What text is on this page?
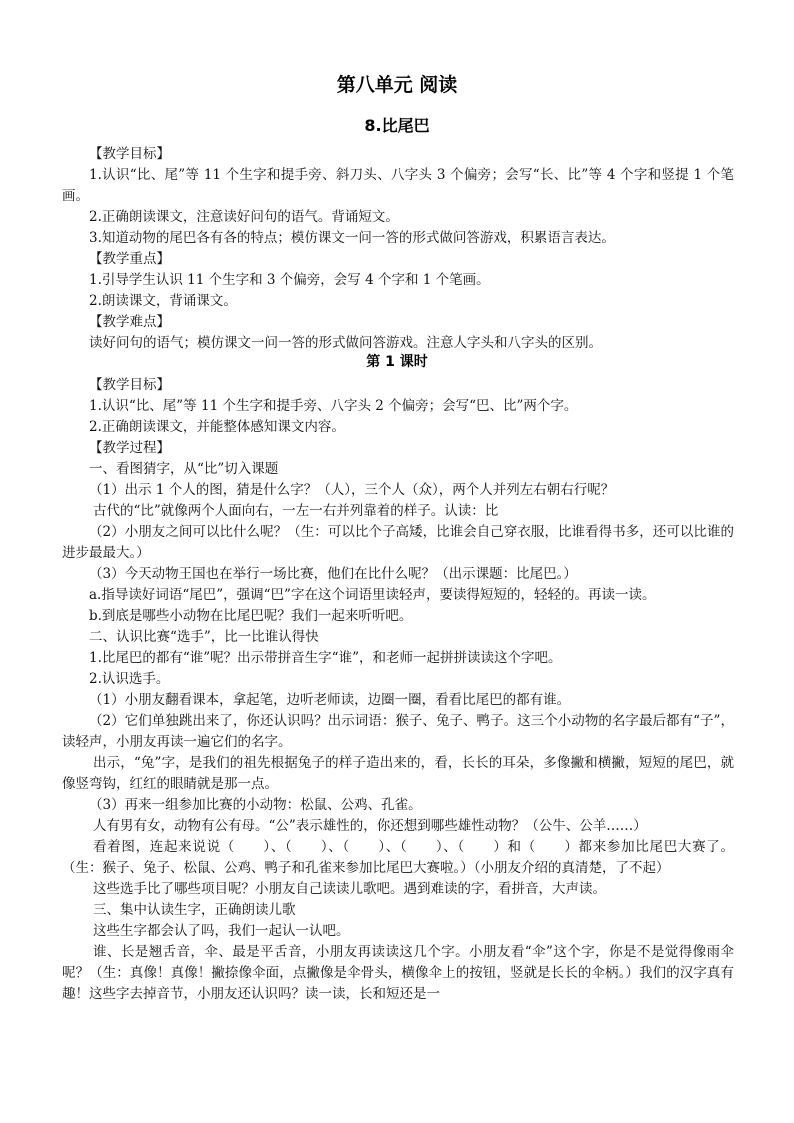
第八单元 阅读
8.比尾巴

【教学目标】

1.认识“比、尾”等 11 个生字和提手旁、斜刀头、八字头 3 个偏旁；会写“长、比”等 4 个字和竖提 1 个笔画。

2.正确朗读课文，注意读好问句的语气。背诵短文。

3.知道动物的尾巴各有各的特点；模仿课文一问一答的形式做问答游戏，积累语言表达。

【教学重点】

1.引导学生认识 11 个生字和 3 个偏旁，会写 4 个字和 1 个笔画。

2.朗读课文，背诵课文。

【教学难点】

读好问句的语气；模仿课文一问一答的形式做问答游戏。注意人字头和八字头的区别。

【教学目标】

1.认识“比、尾”等 11 个生字和提手旁、八字头 2 个偏旁；会写“巴、比”两个字。

2.正确朗读课文，并能整体感知课文内容。

【教学过程】

一、看图猜字，从“比”切入课题

（1）出示 1 个人的图，猜是什么字？（人），三个人（众），两个人并列左右朝右行呢？

古代的“比”就像两个人面向右，一左一右并列靠着的样子。认读：比

（2）小朋友之间可以比什么呢？（生：可以比个子高矮，比谁会自己穿衣服，比谁看得书多，还可以比谁的进步最最大。）

（3）今天动物王国也在举行一场比赛，他们在比什么呢？（出示课题：比尾巴。）

a.指导读好词语“尾巴”，强调“巴”字在这个词语里读轻声，要读得短短的，轻轻的。再读一读。

b.到底是哪些小动物在比尾巴呢？我们一起来听听吧。

二、认识比赛“选手”，比一比谁认得快

1.比尾巴的都有“谁”呢？出示带拼音生字“谁”，和老师一起拼拼读读这个字吧。

2.认识选手。

（1）小朋友翻看课本，拿起笔，边听老师读，边圈一圈，看看比尾巴的都有谁。

（2）它们单独跳出来了，你还认识吗？出示词语：猴子、兔子、鸭子。这三个小动物的名字最后都有“子”，读轻声，小朋友再读一遍它们的名字。

出示，“兔”字，是我们的祖先根据兔子的样子造出来的，看，长长的耳朵，多像撇和横撇，短短的尾巴，就像竖弯钩，红红的眼睛就是那一点。

（3）再来一组参加比赛的小动物：松鼠、公鸡、孔雀。

人有男有女，动物有公有母。“公”表示雄性的，你还想到哪些雄性动物？（公牛、公羊……）

看着图，连起来说说（　　）、（　　）、（　　）、（　　）、（　　）和（　　）都来参加比尾巴大赛了。（生：猴子、兔子、松鼠、公鸡、鸭子和孔雀来参加比尾巴大赛啦。）（小朋友介绍的真清楚，了不起）

这些选手比了哪些项目呢？小朋友自己读读儿歌吧。遇到难读的字，看拼音，大声读。

三、集中认读生字，正确朗读儿歌

这些生字都会认了吗，我们一起认一认吧。

谁、长是翘舌音，伞、最是平舌音，小朋友再读读这几个字。小朋友看“伞”这个字，你是不是觉得像雨伞呢？（生：真像！真像！撇捺像伞面，点撇像是伞骨头，横像伞上的按钮，竖就是长长的伞柄。）我们的汉字真有趣！这些字去掉音节，小朋友还认识吗？读一读，长和短还是一

第 1 课时
